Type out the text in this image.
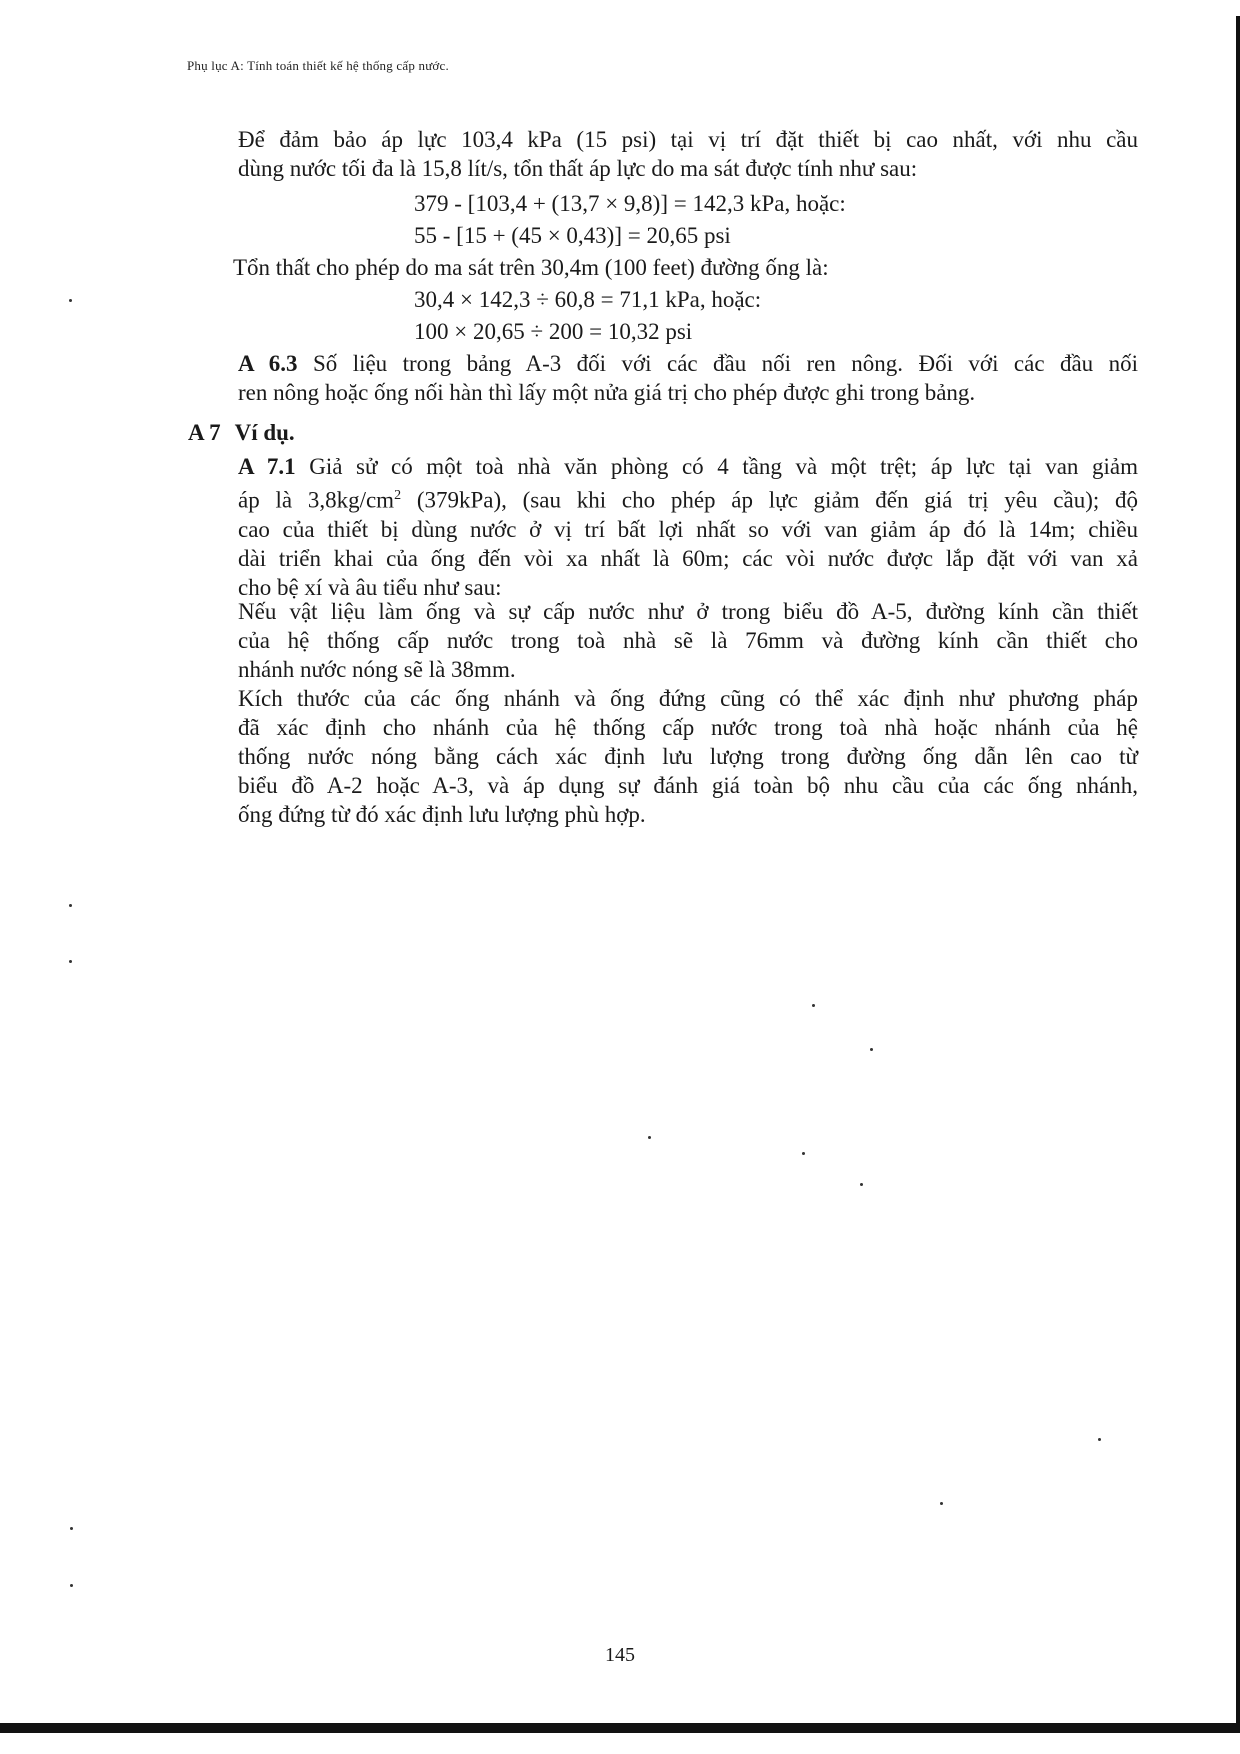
Phụ lục A: Tính toán thiết kế hệ thống cấp nước.

Để đảm bảo áp lực 103,4 kPa (15 psi) tại vị trí đặt thiết bị cao nhất, với nhu cầu
dùng nước tối đa là 15,8 lít/s, tổn thất áp lực do ma sát được tính như sau:

379 - [103,4 + (13,7 × 9,8)] = 142,3 kPa, hoặc:
55 - [15 + (45 × 0,43)] = 20,65 psi

Tổn thất cho phép do ma sát trên 30,4m (100 feet) đường ống là:

30,4 × 142,3 ÷ 60,8 = 71,1 kPa, hoặc:
100 × 20,65 ÷ 200 = 10,32 psi

A 6.3 Số liệu trong bảng A-3 đối với các đầu nối ren nông. Đối với các đầu nối
ren nông hoặc ống nối hàn thì lấy một nửa giá trị cho phép được ghi trong bảng.

A 7 Ví dụ.

A 7.1 Giả sử có một toà nhà văn phòng có 4 tầng và một trệt; áp lực tại van giảm
áp là $3,8kg/cm^2$ (379kPa), (sau khi cho phép áp lực giảm đến giá trị yêu cầu); độ
cao của thiết bị dùng nước ở vị trí bất lợi nhất so với van giảm áp đó là 14m; chiều
dài triển khai của ống đến vòi xa nhất là 60m; các vòi nước được lắp đặt với van xả
cho bệ xí và âu tiểu như sau:

Nếu vật liệu làm ống và sự cấp nước như ở trong biểu đồ A-5, đường kính cần thiết
của hệ thống cấp nước trong toà nhà sẽ là 76mm và đường kính cần thiết cho
nhánh nước nóng sẽ là 38mm.

Kích thước của các ống nhánh và ống đứng cũng có thể xác định như phương pháp
đã xác định cho nhánh của hệ thống cấp nước trong toà nhà hoặc nhánh của hệ
thống nước nóng bằng cách xác định lưu lượng trong đường ống dẫn lên cao từ
biểu đồ A-2 hoặc A-3, và áp dụng sự đánh giá toàn bộ nhu cầu của các ống nhánh,
ống đứng từ đó xác định lưu lượng phù hợp.

145
